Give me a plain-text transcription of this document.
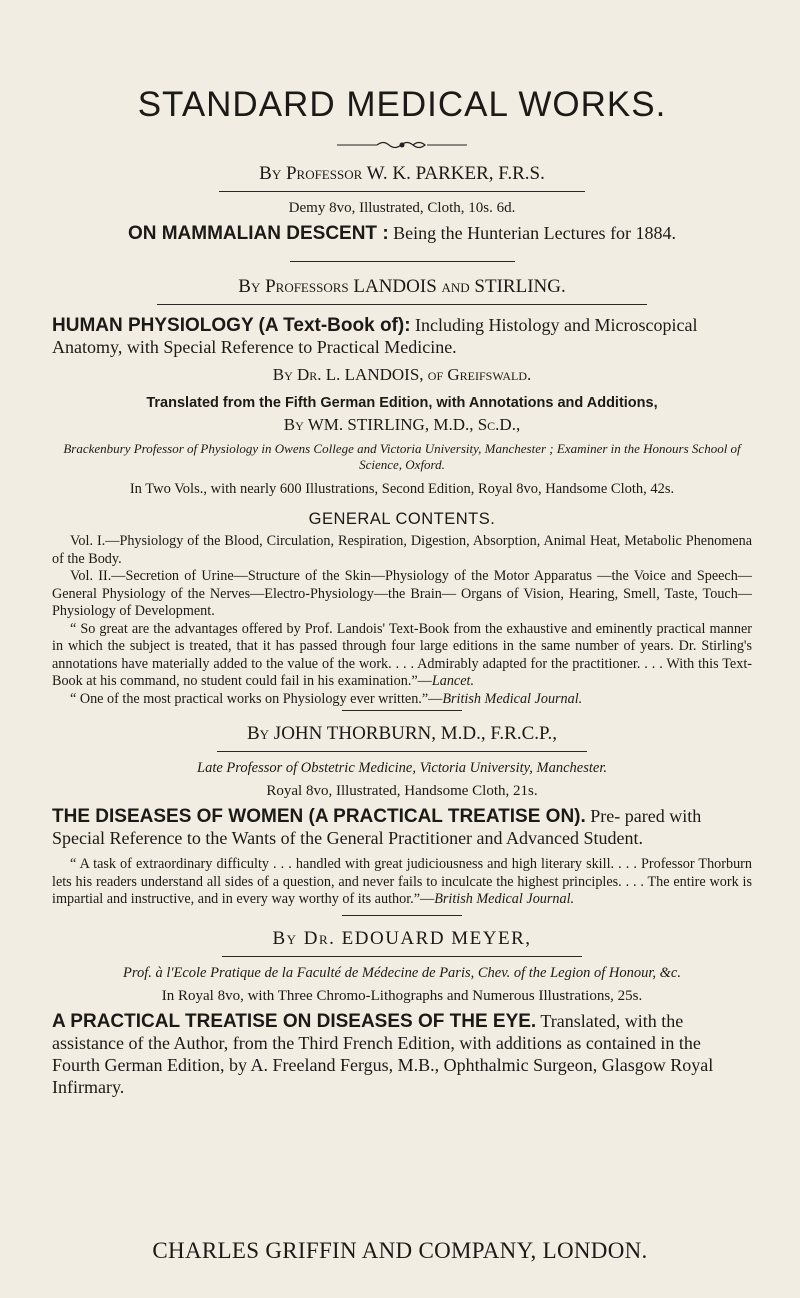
STANDARD MEDICAL WORKS.

By Professor W. K. PARKER, F.R.S.

Demy 8vo, Illustrated, Cloth, 10s. 6d.

ON MAMMALIAN DESCENT : Being the Hunterian Lectures for 1884.

By Professors LANDOIS and STIRLING.

HUMAN PHYSIOLOGY (A Text-Book of): Including Histology and Microscopical Anatomy, with Special Reference to Practical Medicine.

By Dr. L. LANDOIS, of Greifswald.

Translated from the Fifth German Edition, with Annotations and Additions,

By WM. STIRLING, M.D., Sc.D.,

Brackenbury Professor of Physiology in Owens College and Victoria University, Manchester ; Examiner in the Honours School of Science, Oxford.

In Two Vols., with nearly 600 Illustrations, Second Edition, Royal 8vo, Handsome Cloth, 42s.

GENERAL CONTENTS.

Vol. I.—Physiology of the Blood, Circulation, Respiration, Digestion, Absorption, Animal Heat, Metabolic Phenomena of the Body.

Vol. II.—Secretion of Urine—Structure of the Skin—Physiology of the Motor Apparatus —the Voice and Speech—General Physiology of the Nerves—Electro-Physiology—the Brain— Organs of Vision, Hearing, Smell, Taste, Touch—Physiology of Development.

“ So great are the advantages offered by Prof. Landois' Text-Book from the exhaustive and eminently practical manner in which the subject is treated, that it has passed through four large editions in the same number of years. Dr. Stirling's annotations have materially added to the value of the work. . . . Admirably adapted for the practitioner. . . . With this Text-Book at his command, no student could fail in his examination.”—Lancet.

“ One of the most practical works on Physiology ever written.”—British Medical Journal.

By JOHN THORBURN, M.D., F.R.C.P.,

Late Professor of Obstetric Medicine, Victoria University, Manchester.

Royal 8vo, Illustrated, Handsome Cloth, 21s.

THE DISEASES OF WOMEN (A PRACTICAL TREATISE ON). Pre- pared with Special Reference to the Wants of the General Practitioner and Advanced Student.

“ A task of extraordinary difficulty . . . handled with great judiciousness and high literary skill. . . . Professor Thorburn lets his readers understand all sides of a question, and never fails to inculcate the highest principles. . . . The entire work is impartial and instructive, and in every way worthy of its author.”—British Medical Journal.

By Dr. EDOUARD MEYER,

Prof. à l'Ecole Pratique de la Faculté de Médecine de Paris, Chev. of the Legion of Honour, &c.

In Royal 8vo, with Three Chromo-Lithographs and Numerous Illustrations, 25s.

A PRACTICAL TREATISE ON DISEASES OF THE EYE. Translated, with the assistance of the Author, from the Third French Edition, with additions as contained in the Fourth German Edition, by A. Freeland Fergus, M.B., Ophthalmic Surgeon, Glasgow Royal Infirmary.

CHARLES GRIFFIN AND COMPANY, LONDON.
